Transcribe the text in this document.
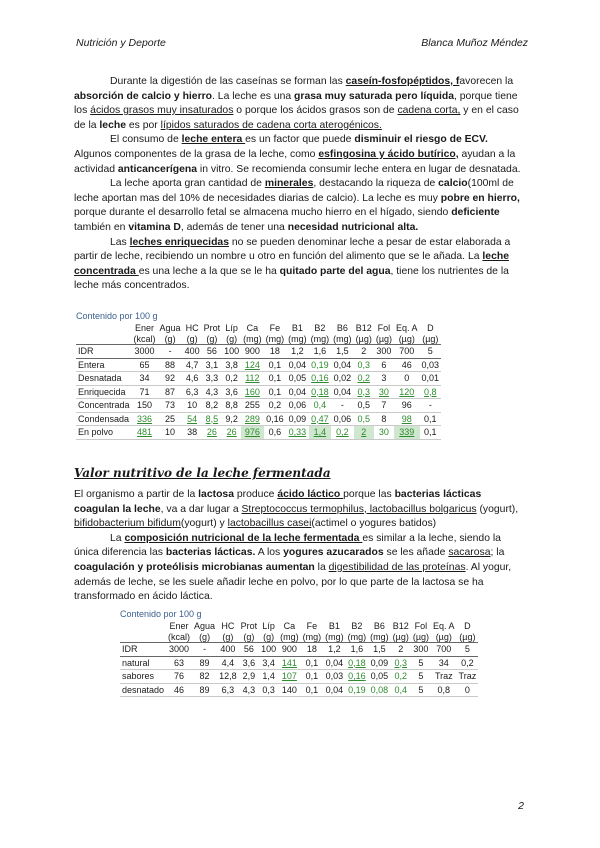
Nutrición y Deporte	Blanca Muñoz Méndez

Durante la digestión de las caseínas se forman las caseín-fosfopéptidos, favorecen la absorción de calcio y hierro. La leche es una grasa muy saturada pero líquida, porque tiene los ácidos grasos muy insaturados o porque los ácidos grasos son de cadena corta, y en el caso de la leche es por lípidos saturados de cadena corta aterogénicos.

El consumo de leche entera es un factor que puede disminuir el riesgo de ECV. Algunos componentes de la grasa de la leche, como esfingosina y ácido butírico, ayudan a la actividad anticancerígena in vitro. Se recomienda consumir leche entera en lugar de desnatada.

La leche aporta gran cantidad de minerales, destacando la riqueza de calcio(100ml de leche aportan mas del 10% de necesidades diarias de calcio). La leche es muy pobre en hierro, porque durante el desarrollo fetal se almacena mucho hierro en el hígado, siendo deficiente también en vitamina D, además de tener una necesidad nutricional alta.

Las leches enriquecidas no se pueden denominar leche a pesar de estar elaborada a partir de leche, recibiendo un nombre u otro en función del alimento que se le añada. La leche concentrada es una leche a la que se le ha quitado parte del agua, tiene los nutrientes de la leche más concentrados.

Contenido por 100 g
	Ener	Agua	HC	Prot	Líp	Ca	Fe	B1	B2	B6	B12	Fol	Eq. A	D
	(kcal)	(g)	(g)	(g)	(g)	(mg)	(mg)	(mg)	(mg)	(mg)	(µg)	(µg)	(µg)	(µg)
IDR	3000	-	400	56	100	900	18	1,2	1,6	1,5	2	300	700	5
Entera	65	88	4,7	3,1	3,8	124	0,1	0,04	0,19	0,04	0,3	6	46	0,03
Desnatada	34	92	4,6	3,3	0,2	112	0,1	0,05	0,16	0,02	0,2	3	0	0,01
Enriquecida	71	87	6,3	4,3	3,6	160	0,1	0,04	0,18	0,04	0,3	30	120	0,8
Concentrada	150	73	10	8,2	8,8	255	0,2	0,06	0,4	-	0,5	7	96	-
Condensada	336	25	54	8,5	9,2	289	0,16	0,09	0,47	0,06	0,5	8	98	0,1
En polvo	481	10	38	26	26	976	0,6	0,33	1,4	0,2	2	30	339	0,1
Valor nutritivo de la leche fermentada

El organismo a partir de la lactosa produce ácido láctico porque las bacterias lácticas coagulan la leche, va a dar lugar a Streptococcus termophilus, lactobacillus bolgaricus (yogurt), bifidobacterium bifidum(yogurt) y lactobacillus casei(actimel o yogures batidos)

La composición nutricional de la leche fermentada es similar a la leche, siendo la única diferencia las bacterias lácticas. A los yogures azucarados se les añade sacarosa; la coagulación y proteólisis microbianas aumentan la digestibilidad de las proteínas. Al yogur, además de leche, se les suele añadir leche en polvo, por lo que parte de la lactosa se ha transformado en ácido láctica.

Contenido por 100 g
	Ener	Agua	HC	Prot	Líp	Ca	Fe	B1	B2	B6	B12	Fol	Eq. A	D
	(kcal)	(g)	(g)	(g)	(g)	(mg)	(mg)	(mg)	(mg)	(mg)	(µg)	(µg)	(µg)	(µg)
IDR	3000	-	400	56	100	900	18	1,2	1,6	1,5	2	300	700	5
natural	63	89	4,4	3,6	3,4	141	0,1	0,04	0,18	0,09	0,3	5	34	0,2
sabores	76	82	12,8	2,9	1,4	107	0,1	0,03	0,16	0,05	0,2	5	Traz	Traz
desnatado	46	89	6,3	4,3	0,3	140	0,1	0,04	0,19	0,08	0,4	5	0,8	0
2
